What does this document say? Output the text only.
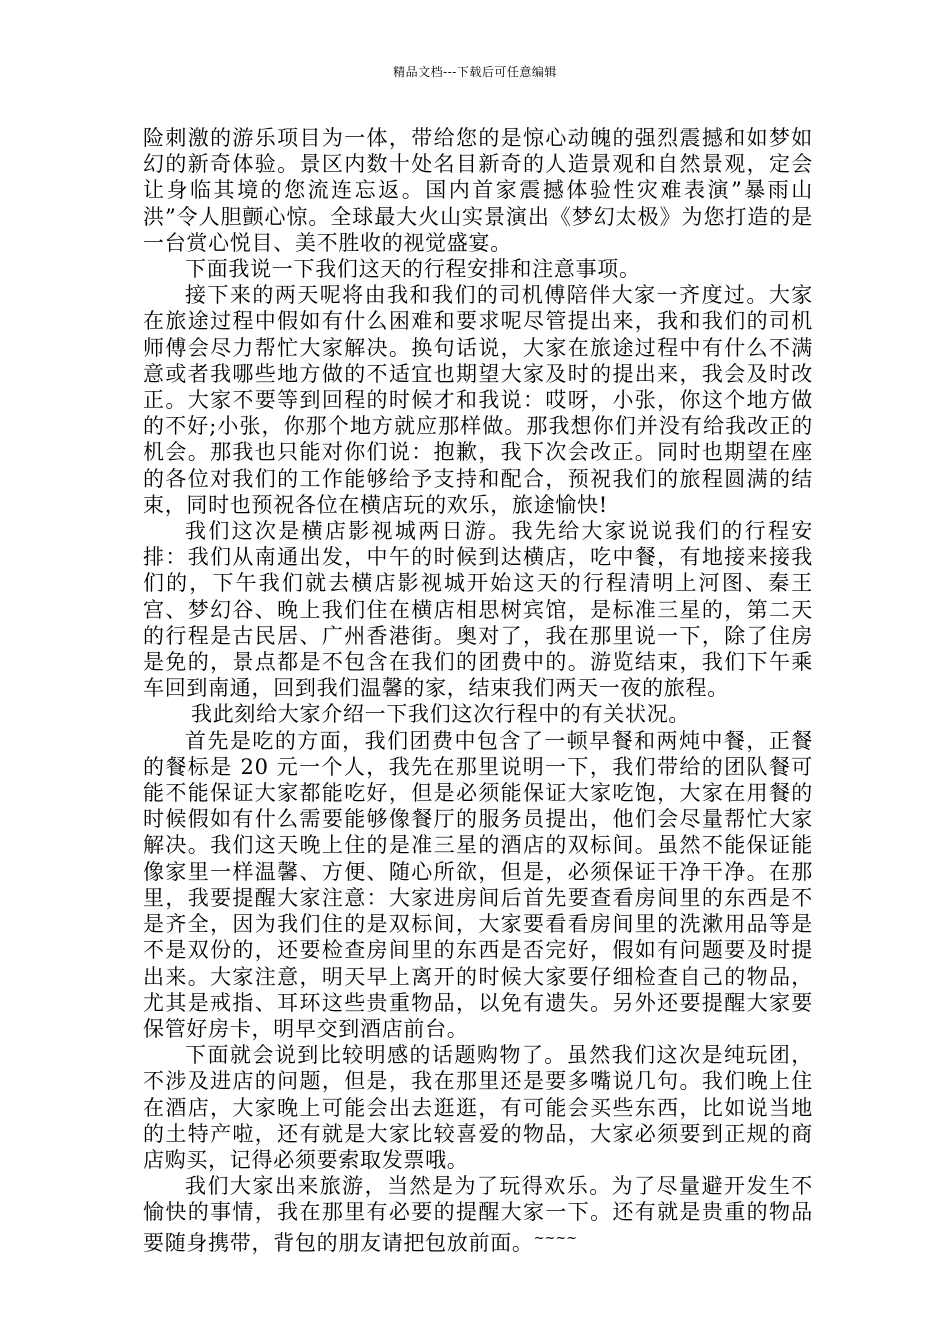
精品文档---下载后可任意编辑

险刺激的游乐项目为一体，带给您的是惊心动魄的强烈震撼和如梦如幻的新奇体验。景区内数十处名目新奇的人造景观和自然景观，定会让身临其境的您流连忘返。国内首家震撼体验性灾难表演”暴雨山洪”令人胆颤心惊。全球最大火山实景演出《梦幻太极》为您打造的是一台赏心悦目、美不胜收的视觉盛宴。

下面我说一下我们这天的行程安排和注意事项。

接下来的两天呢将由我和我们的司机傅陪伴大家一齐度过。大家在旅途过程中假如有什么困难和要求呢尽管提出来，我和我们的司机师傅会尽力帮忙大家解决。换句话说，大家在旅途过程中有什么不满意或者我哪些地方做的不适宜也期望大家及时的提出来，我会及时改正。大家不要等到回程的时候才和我说：哎呀，小张，你这个地方做的不好;小张，你那个地方就应那样做。那我想你们并没有给我改正的机会。那我也只能对你们说：抱歉，我下次会改正。同时也期望在座的各位对我们的工作能够给予支持和配合，预祝我们的旅程圆满的结束，同时也预祝各位在横店玩的欢乐，旅途愉快!

我们这次是横店影视城两日游。我先给大家说说我们的行程安排：我们从南通出发，中午的时候到达横店，吃中餐，有地接来接我们的，下午我们就去横店影视城开始这天的行程清明上河图、秦王宫、梦幻谷、晚上我们住在横店相思树宾馆，是标准三星的，第二天的行程是古民居、广州香港街。奥对了，我在那里说一下，除了住房是免的，景点都是不包含在我们的团费中的。游览结束，我们下午乘车回到南通，回到我们温馨的家，结束我们两天一夜的旅程。

我此刻给大家介绍一下我们这次行程中的有关状况。

首先是吃的方面，我们团费中包含了一顿早餐和两炖中餐，正餐的餐标是 20 元一个人，我先在那里说明一下，我们带给的团队餐可能不能保证大家都能吃好，但是必须能保证大家吃饱，大家在用餐的时候假如有什么需要能够像餐厅的服务员提出，他们会尽量帮忙大家解决。我们这天晚上住的是准三星的酒店的双标间。虽然不能保证能像家里一样温馨、方便、随心所欲，但是，必须保证干净干净。在那里，我要提醒大家注意：大家进房间后首先要查看房间里的东西是不是齐全，因为我们住的是双标间，大家要看看房间里的洗漱用品等是不是双份的，还要检查房间里的东西是否完好，假如有问题要及时提出来。大家注意，明天早上离开的时候大家要仔细检查自己的物品，尤其是戒指、耳环这些贵重物品，以免有遗失。另外还要提醒大家要保管好房卡，明早交到酒店前台。

下面就会说到比较明感的话题购物了。虽然我们这次是纯玩团，不涉及进店的问题，但是，我在那里还是要多嘴说几句。我们晚上住在酒店，大家晚上可能会出去逛逛，有可能会买些东西，比如说当地的土特产啦，还有就是大家比较喜爱的物品，大家必须要到正规的商店购买，记得必须要索取发票哦。

我们大家出来旅游，当然是为了玩得欢乐。为了尽量避开发生不愉快的事情，我在那里有必要的提醒大家一下。还有就是贵重的物品要随身携带，背包的朋友请把包放前面。~~~~
